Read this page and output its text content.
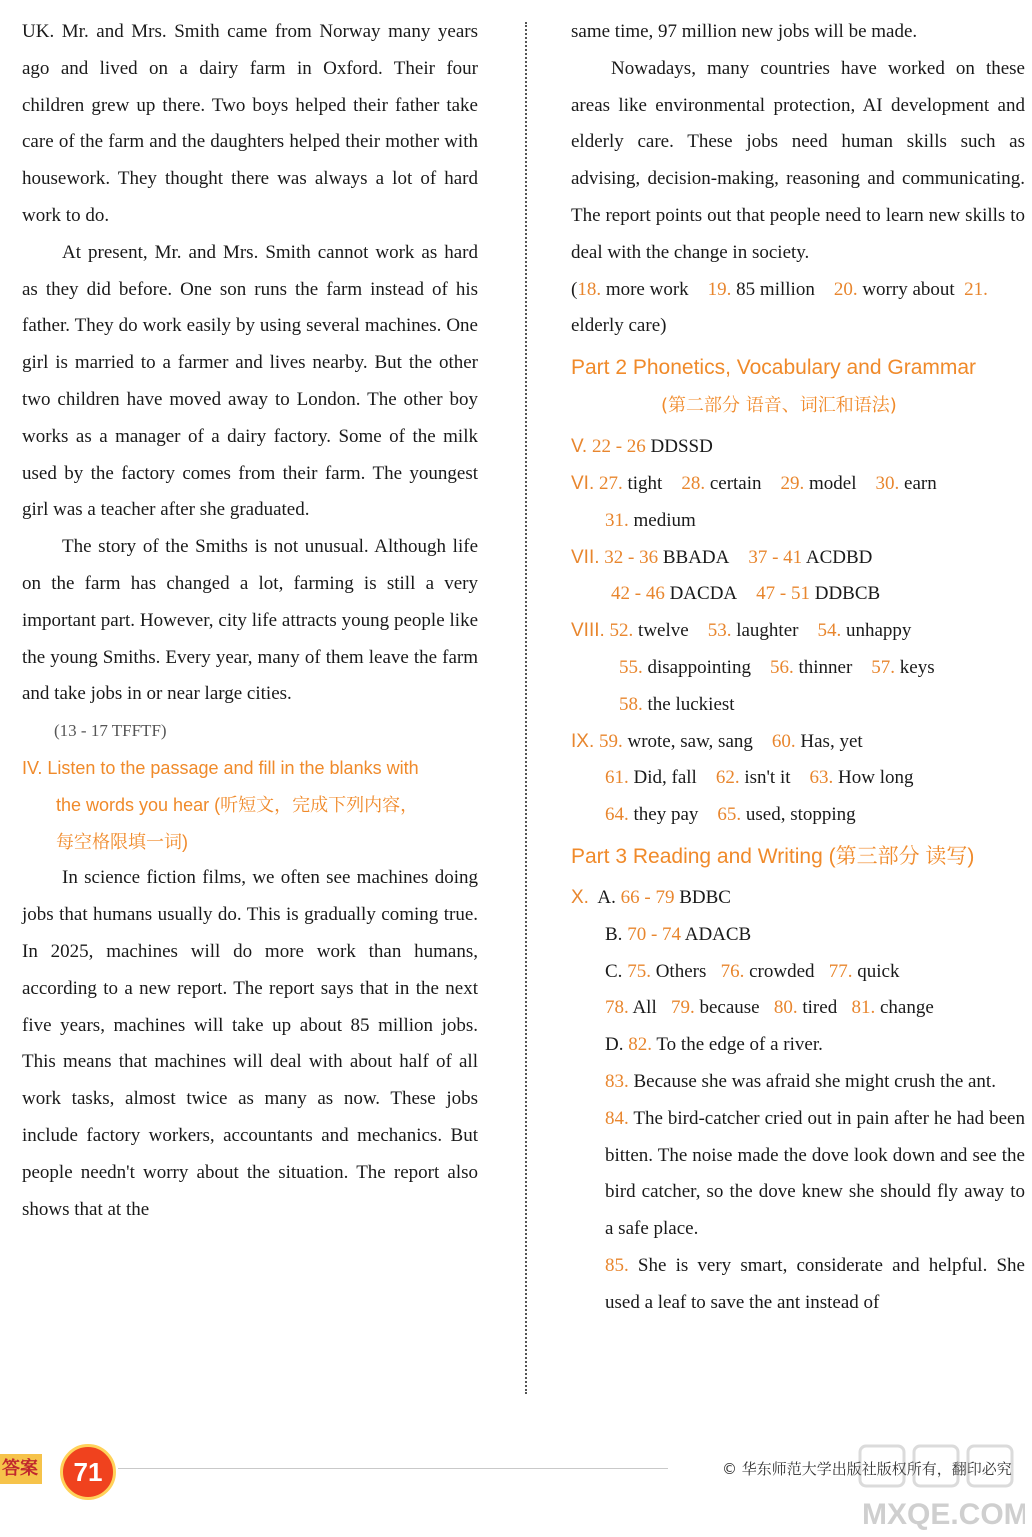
UK. Mr. and Mrs. Smith came from Norway many years ago and lived on a dairy farm in Oxford. Their four children grew up there. Two boys helped their father take care of the farm and the daughters helped their mother with housework. They thought there was always a lot of hard work to do.

At present, Mr. and Mrs. Smith cannot work as hard as they did before. One son runs the farm instead of his father. They do work easily by using several machines. One girl is married to a farmer and lives nearby. But the other two children have moved away to London. The other boy works as a manager of a dairy factory. Some of the milk used by the factory comes from their farm. The youngest girl was a teacher after she graduated.

The story of the Smiths is not unusual. Although life on the farm has changed a lot, farming is still a very important part. However, city life attracts young people like the young Smiths. Every year, many of them leave the farm and take jobs in or near large cities.

(13 - 17 TFFTF)

IV. Listen to the passage and fill in the blanks with

the words you hear (听短文，完成下列内容，

每空格限填一词)

In science fiction films, we often see machines doing jobs that humans usually do. This is gradually coming true. In 2025, machines will do more work than humans, according to a new report. The report says that in the next five years, machines will take up about 85 million jobs. This means that machines will deal with about half of all work tasks, almost twice as many as now. These jobs include factory workers, accountants and mechanics. But people needn't worry about the situation. The report also shows that at the

same time, 97 million new jobs will be made.

Nowadays, many countries have worked on these areas like environmental protection, AI development and elderly care. These jobs need human skills such as advising, decision-making, reasoning and communicating. The report points out that people need to learn new skills to deal with the change in society.

(18. more work 19. 85 million 20. worry about 21. elderly care)

Part 2 Phonetics, Vocabulary and Grammar

(第二部分 语音、词汇和语法)

V. 22 - 26 DDSSD

VI. 27. tight 28. certain 29. model 30. earn

31. medium

VII. 32 - 36 BBADA 37 - 41 ACDBD

42 - 46 DACDA 47 - 51 DDBCB

VIII. 52. twelve 53. laughter 54. unhappy

55. disappointing 56. thinner 57. keys

58. the luckiest

IX. 59. wrote, saw, sang 60. Has, yet

61. Did, fall 62. isn't it 63. How long

64. they pay 65. used, stopping

Part 3 Reading and Writing (第三部分 读写)

X. A. 66 - 79 BDBC

B. 70 - 74 ADACB

C. 75. Others 76. crowded 77. quick

78. All 79. because 80. tired 81. change

D. 82. To the edge of a river.

83. Because she was afraid she might crush the ant.

84. The bird-catcher cried out in pain after he had been bitten. The noise made the dove look down and see the bird catcher, so the dove knew she should fly away to a safe place.

85. She is very smart, considerate and helpful. She used a leaf to save the ant instead of

答案	71	© 华东师范大学出版社版权所有，翻印必究
MXQE.COM
